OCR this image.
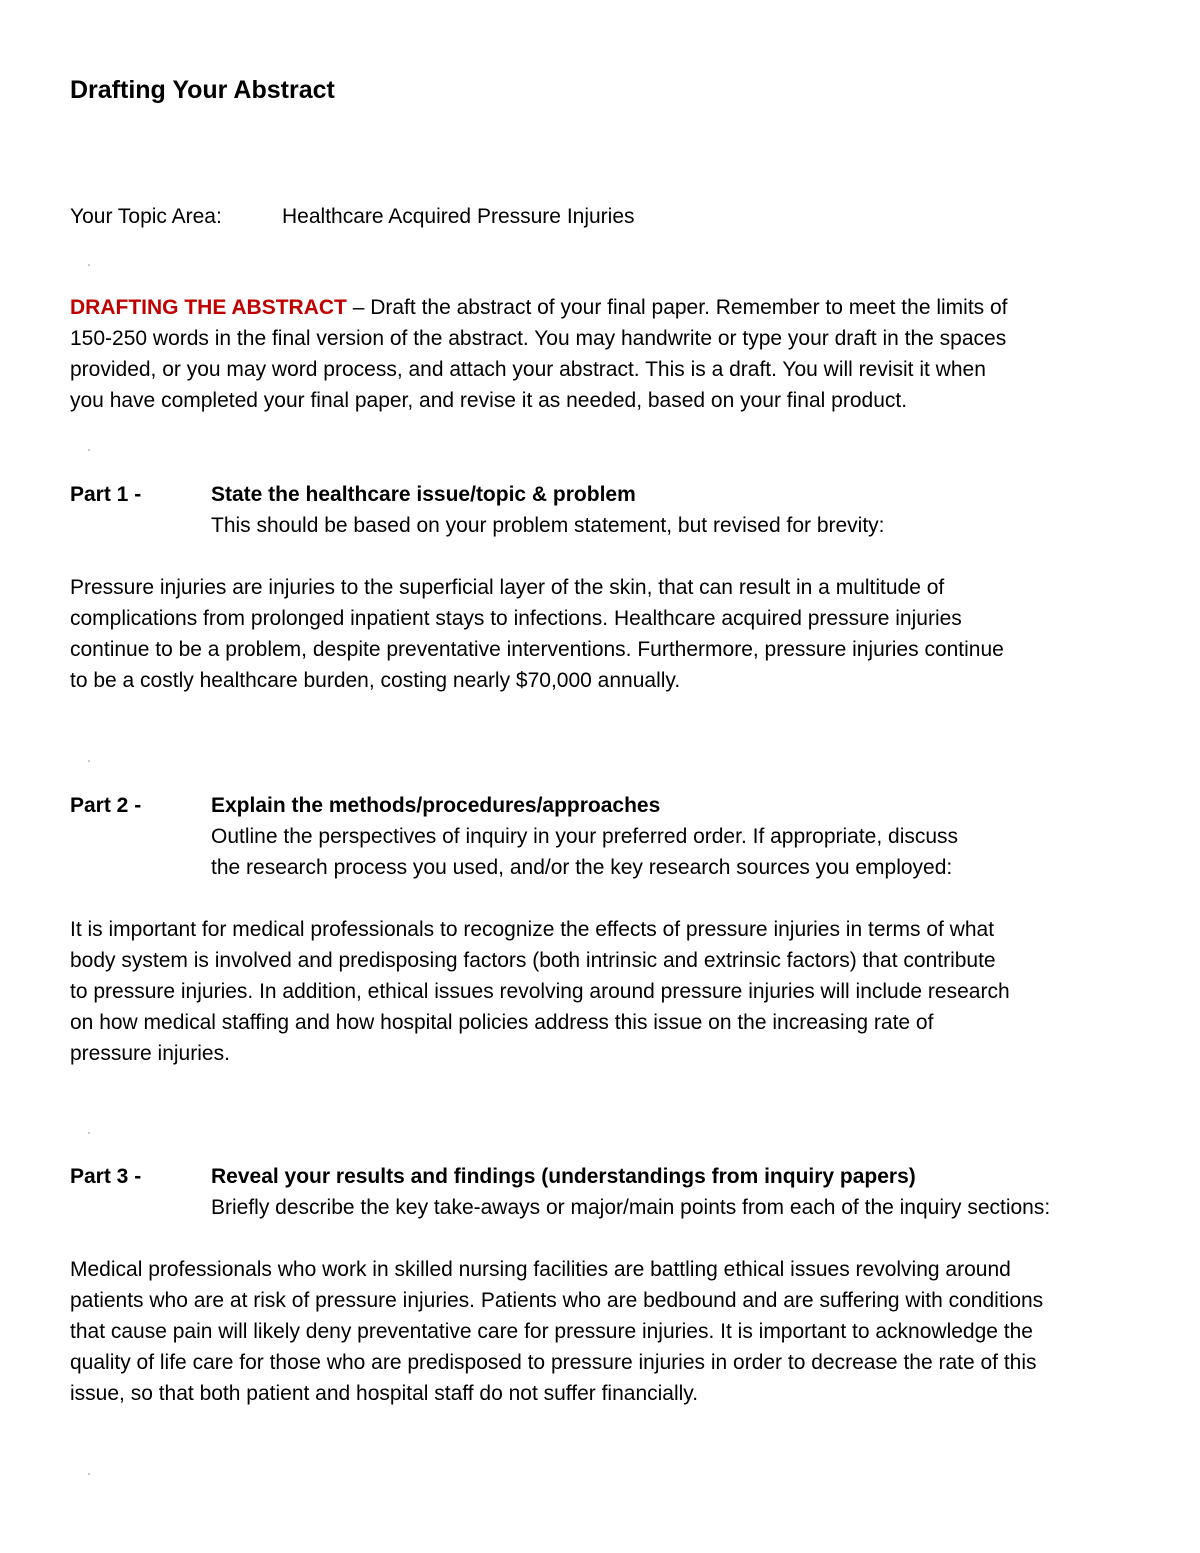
Drafting Your Abstract
Your Topic Area:	Healthcare Acquired Pressure Injuries
DRAFTING THE ABSTRACT – Draft the abstract of your final paper. Remember to meet the limits of
150-250 words in the final version of the abstract. You may handwrite or type your draft in the spaces
provided, or you may word process, and attach your abstract. This is a draft. You will revisit it when
you have completed your final paper, and revise it as needed, based on your final product.
Part 1 -	State the healthcare issue/topic & problem
This should be based on your problem statement, but revised for brevity:
Pressure injuries are injuries to the superficial layer of the skin, that can result in a multitude of
complications from prolonged inpatient stays to infections. Healthcare acquired pressure injuries
continue to be a problem, despite preventative interventions. Furthermore, pressure injuries continue
to be a costly healthcare burden, costing nearly $70,000 annually.
Part 2 -	Explain the methods/procedures/approaches
Outline the perspectives of inquiry in your preferred order. If appropriate, discuss
the research process you used, and/or the key research sources you employed:
It is important for medical professionals to recognize the effects of pressure injuries in terms of what
body system is involved and predisposing factors (both intrinsic and extrinsic factors) that contribute
to pressure injuries. In addition, ethical issues revolving around pressure injuries will include research
on how medical staffing and how hospital policies address this issue on the increasing rate of
pressure injuries.
Part 3 -	Reveal your results and findings (understandings from inquiry papers)
Briefly describe the key take-aways or major/main points from each of the inquiry sections:
Medical professionals who work in skilled nursing facilities are battling ethical issues revolving around
patients who are at risk of pressure injuries. Patients who are bedbound and are suffering with conditions
that cause pain will likely deny preventative care for pressure injuries. It is important to acknowledge the
quality of life care for those who are predisposed to pressure injuries in order to decrease the rate of this
issue, so that both patient and hospital staff do not suffer financially.
